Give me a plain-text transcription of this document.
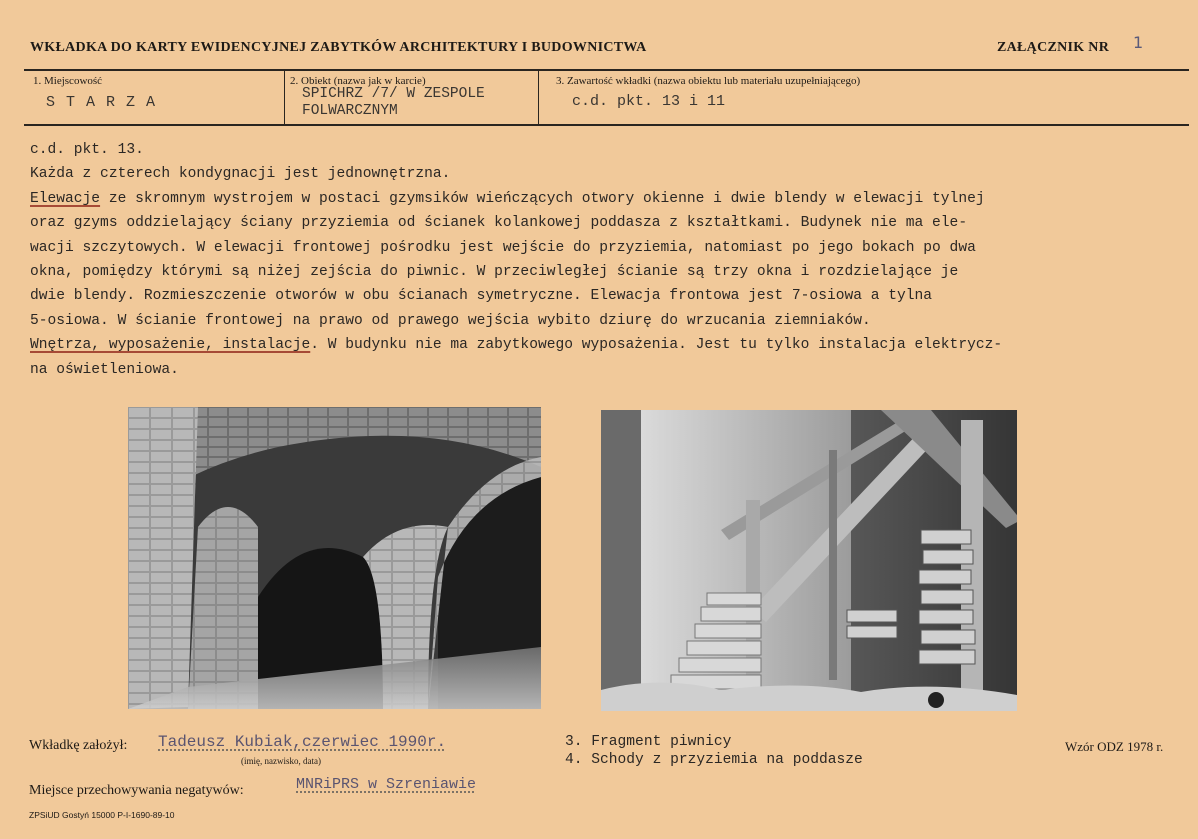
WKŁADKA DO KARTY EWIDENCYJNEJ ZABYTKÓW ARCHITEKTURY I BUDOWNICTWA	ZAŁĄCZNIK NR 1
1. Miejscowość
S T A R Z A
2. Obiekt (nazwa jak w karcie)
SPICHRZ /7/ W ZESPOLE
FOLWARCZNYM
3. Zawartość wkładki (nazwa obiektu lub materiału uzupełniającego)
c.d. pkt. 13 i 11
c.d. pkt. 13.
Każda z czterech kondygnacji jest jednownętrzna.
Elewacje ze skromnym wystrojem w postaci gzymsików wieńczących otwory okienne i dwie blendy w elewacji tylnej
oraz gzyms oddzielający ściany przyziemia od ścianek kolankowej poddasza z kształtkami. Budynek nie ma ele-
wacji szczytowych. W elewacji frontowej pośrodku jest wejście do przyziemia, natomiast po jego bokach po dwa
okna, pomiędzy którymi są niżej zejścia do piwnic. W przeciwległej ścianie są trzy okna i rozdzielające je
dwie blendy. Rozmieszczenie otworów w obu ścianach symetryczne. Elewacja frontowa jest 7-osiowa a tylna
5-osiowa. W ścianie frontowej na prawo od prawego wejścia wybito dziurę do wrzucania ziemniaków.
Wnętrza, wyposażenie, instalacje. W budynku nie ma zabytkowego wyposażenia. Jest tu tylko instalacja elektrycz-
na oświetleniowa.
Wkładkę założył: Tadeusz Kubiak,czerwiec 1990r.
(imię, nazwisko, data)
3. Fragment piwnicy
4. Schody z przyziemia na poddasze
Wzór ODZ 1978 r.
Miejsce przechowywania negatywów:	MNRiPRS w Szreniawie
ZPSiUD Gostyń 15000 P-I-1690-89-10
